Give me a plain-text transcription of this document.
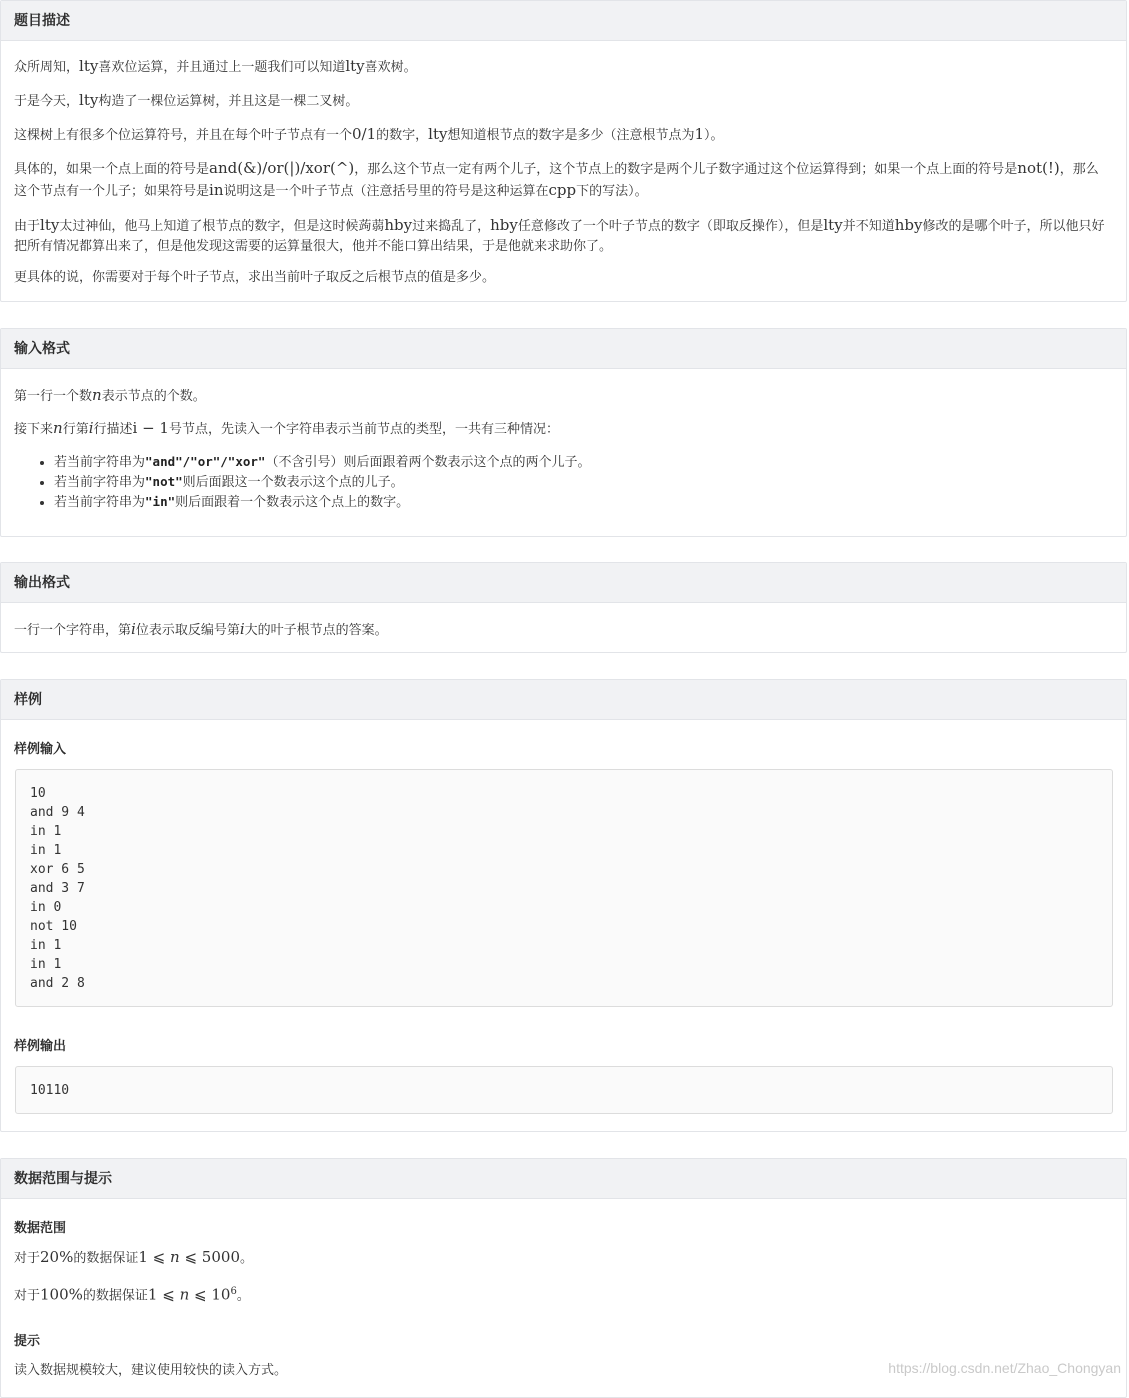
题目描述
众所周知，lty喜欢位运算，并且通过上一题我们可以知道lty喜欢树。
于是今天，lty构造了一棵位运算树，并且这是一棵二叉树。
这棵树上有很多个位运算符号，并且在每个叶子节点有一个0/1的数字，lty想知道根节点的数字是多少（注意根节点为1）。
具体的，如果一个点上面的符号是and(&)/or(|)/xor(^)，那么这个节点一定有两个儿子，这个节点上的数字是两个儿子数字通过这个位运算得到；如果一个点上面的符号是not(!)，那么这个节点有一个儿子；如果符号是in说明这是一个叶子节点（注意括号里的符号是这种运算在cpp下的写法）。
由于lty太过神仙，他马上知道了根节点的数字，但是这时候蒟蒻hby过来捣乱了，hby任意修改了一个叶子节点的数字（即取反操作），但是lty并不知道hby修改的是哪个叶子，所以他只好把所有情况都算出来了，但是他发现这需要的运算量很大，他并不能口算出结果，于是他就来求助你了。
更具体的说，你需要对于每个叶子节点，求出当前叶子取反之后根节点的值是多少。
输入格式
第一行一个数n表示节点的个数。
接下来n行第i行描述i − 1号节点，先读入一个字符串表示当前节点的类型，一共有三种情况：
• 若当前字符串为"and"/"or"/"xor"（不含引号）则后面跟着两个数表示这个点的两个儿子。
• 若当前字符串为"not"则后面跟这一个数表示这个点的儿子。
• 若当前字符串为"in"则后面跟着一个数表示这个点上的数字。
输出格式
一行一个字符串，第i位表示取反编号第i大的叶子根节点的答案。
样例
样例输入
10
and 9 4
in 1
in 1
xor 6 5
and 3 7
in 0
not 10
in 1
in 1
and 2 8
样例输出
10110
数据范围与提示
数据范围
对于20%的数据保证1 ⩽ n ⩽ 5000。
对于100%的数据保证1 ⩽ n ⩽ $10^6$。
提示
读入数据规模较大，建议使用较快的读入方式。	https://blog.csdn.net/Zhao_Chongyan
